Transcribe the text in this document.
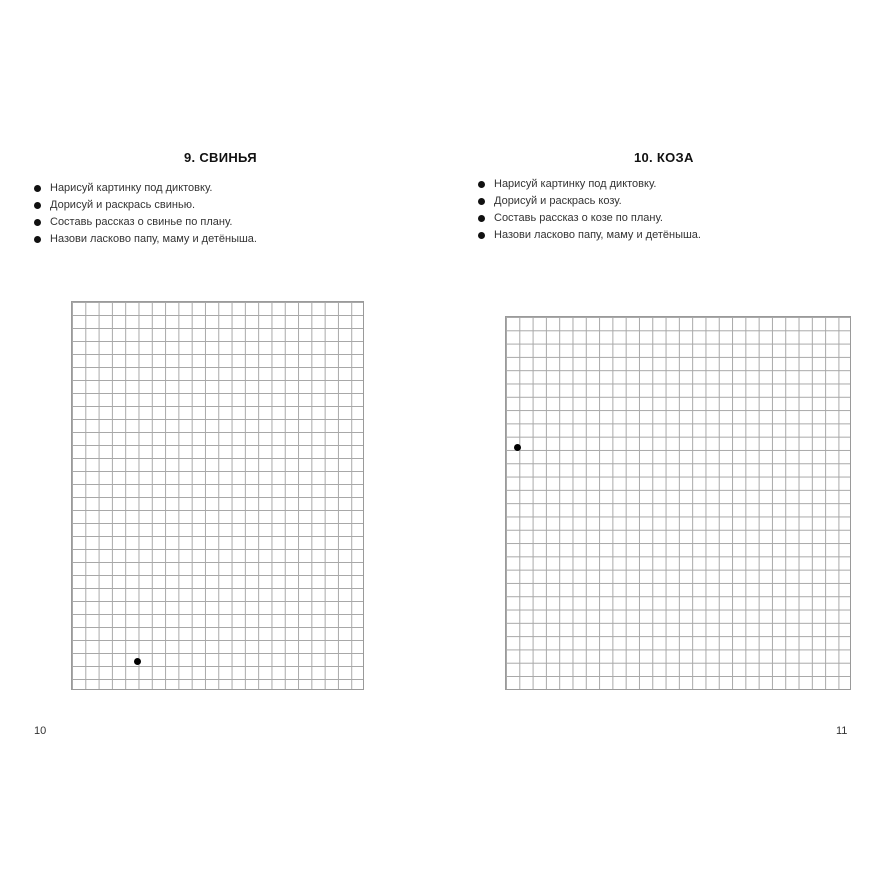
9. СВИНЬЯ
Нарисуй картинку под диктовку.
Дорисуй и раскрась свинью.
Составь рассказ о свинье по плану.
Назови ласково папу, маму и детёныша.
10
10. КОЗА
Нарисуй картинку под диктовку.
Дорисуй и раскрась козу.
Составь рассказ о козе по плану.
Назови ласково папу, маму и детёныша.
11
